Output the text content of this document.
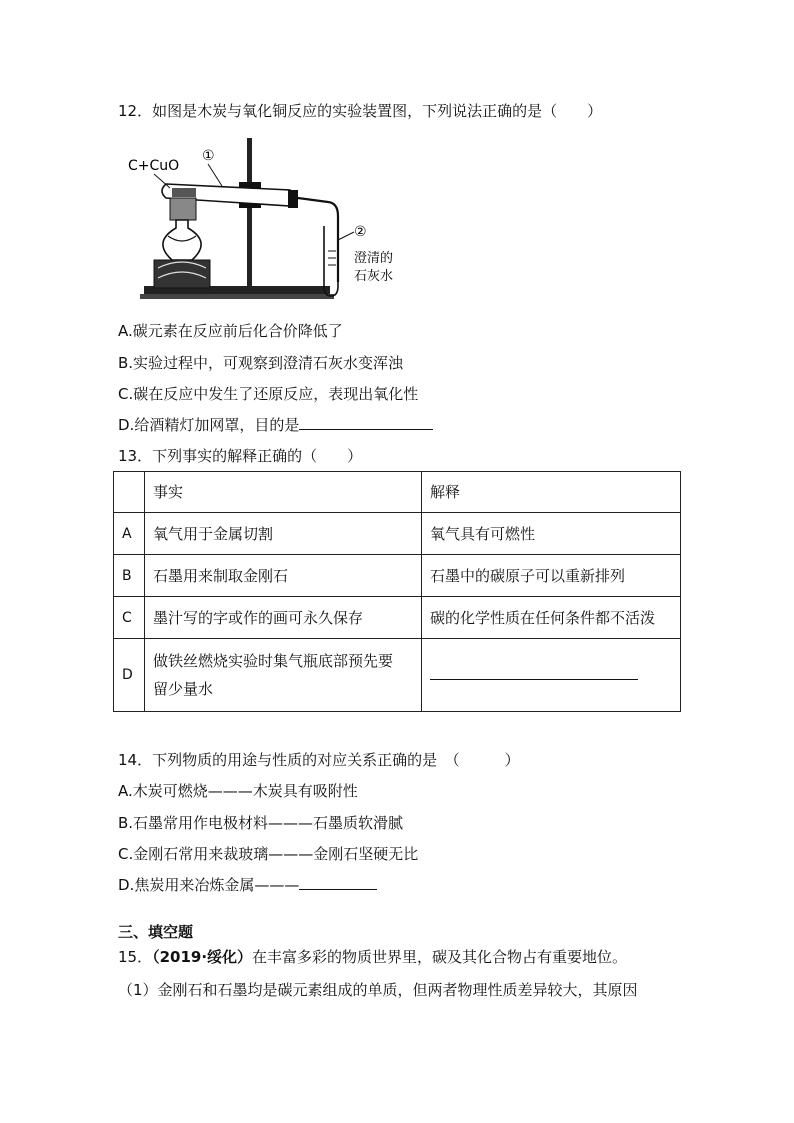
12．如图是木炭与氧化铜反应的实验装置图，下列说法正确的是（　　）
C+CuO
①
②
澄清的
石灰水
A.碳元素在反应前后化合价降低了
B.实验过程中，可观察到澄清石灰水变浑浊
C.碳在反应中发生了还原反应，表现出氧化性
D.给酒精灯加网罩，目的是
13．下列事实的解释正确的（　　）
	事实	解释
A	氧气用于金属切割	氧气具有可燃性
B	石墨用来制取金刚石	石墨中的碳原子可以重新排列
C	墨汁写的字或作的画可永久保存	碳的化学性质在任何条件都不活泼
D	做铁丝燃烧实验时集气瓶底部预先要
留少量水	

14．下列物质的用途与性质的对应关系正确的是　（　　　）
A.木炭可燃烧———木炭具有吸附性
B.石墨常用作电极材料———石墨质软滑腻
C.金刚石常用来裁玻璃———金刚石坚硬无比
D.焦炭用来冶炼金属———
三、填空题
15．（2019·绥化）在丰富多彩的物质世界里，碳及其化合物占有重要地位。
（1）金刚石和石墨均是碳元素组成的单质，但两者物理性质差异较大，其原因
